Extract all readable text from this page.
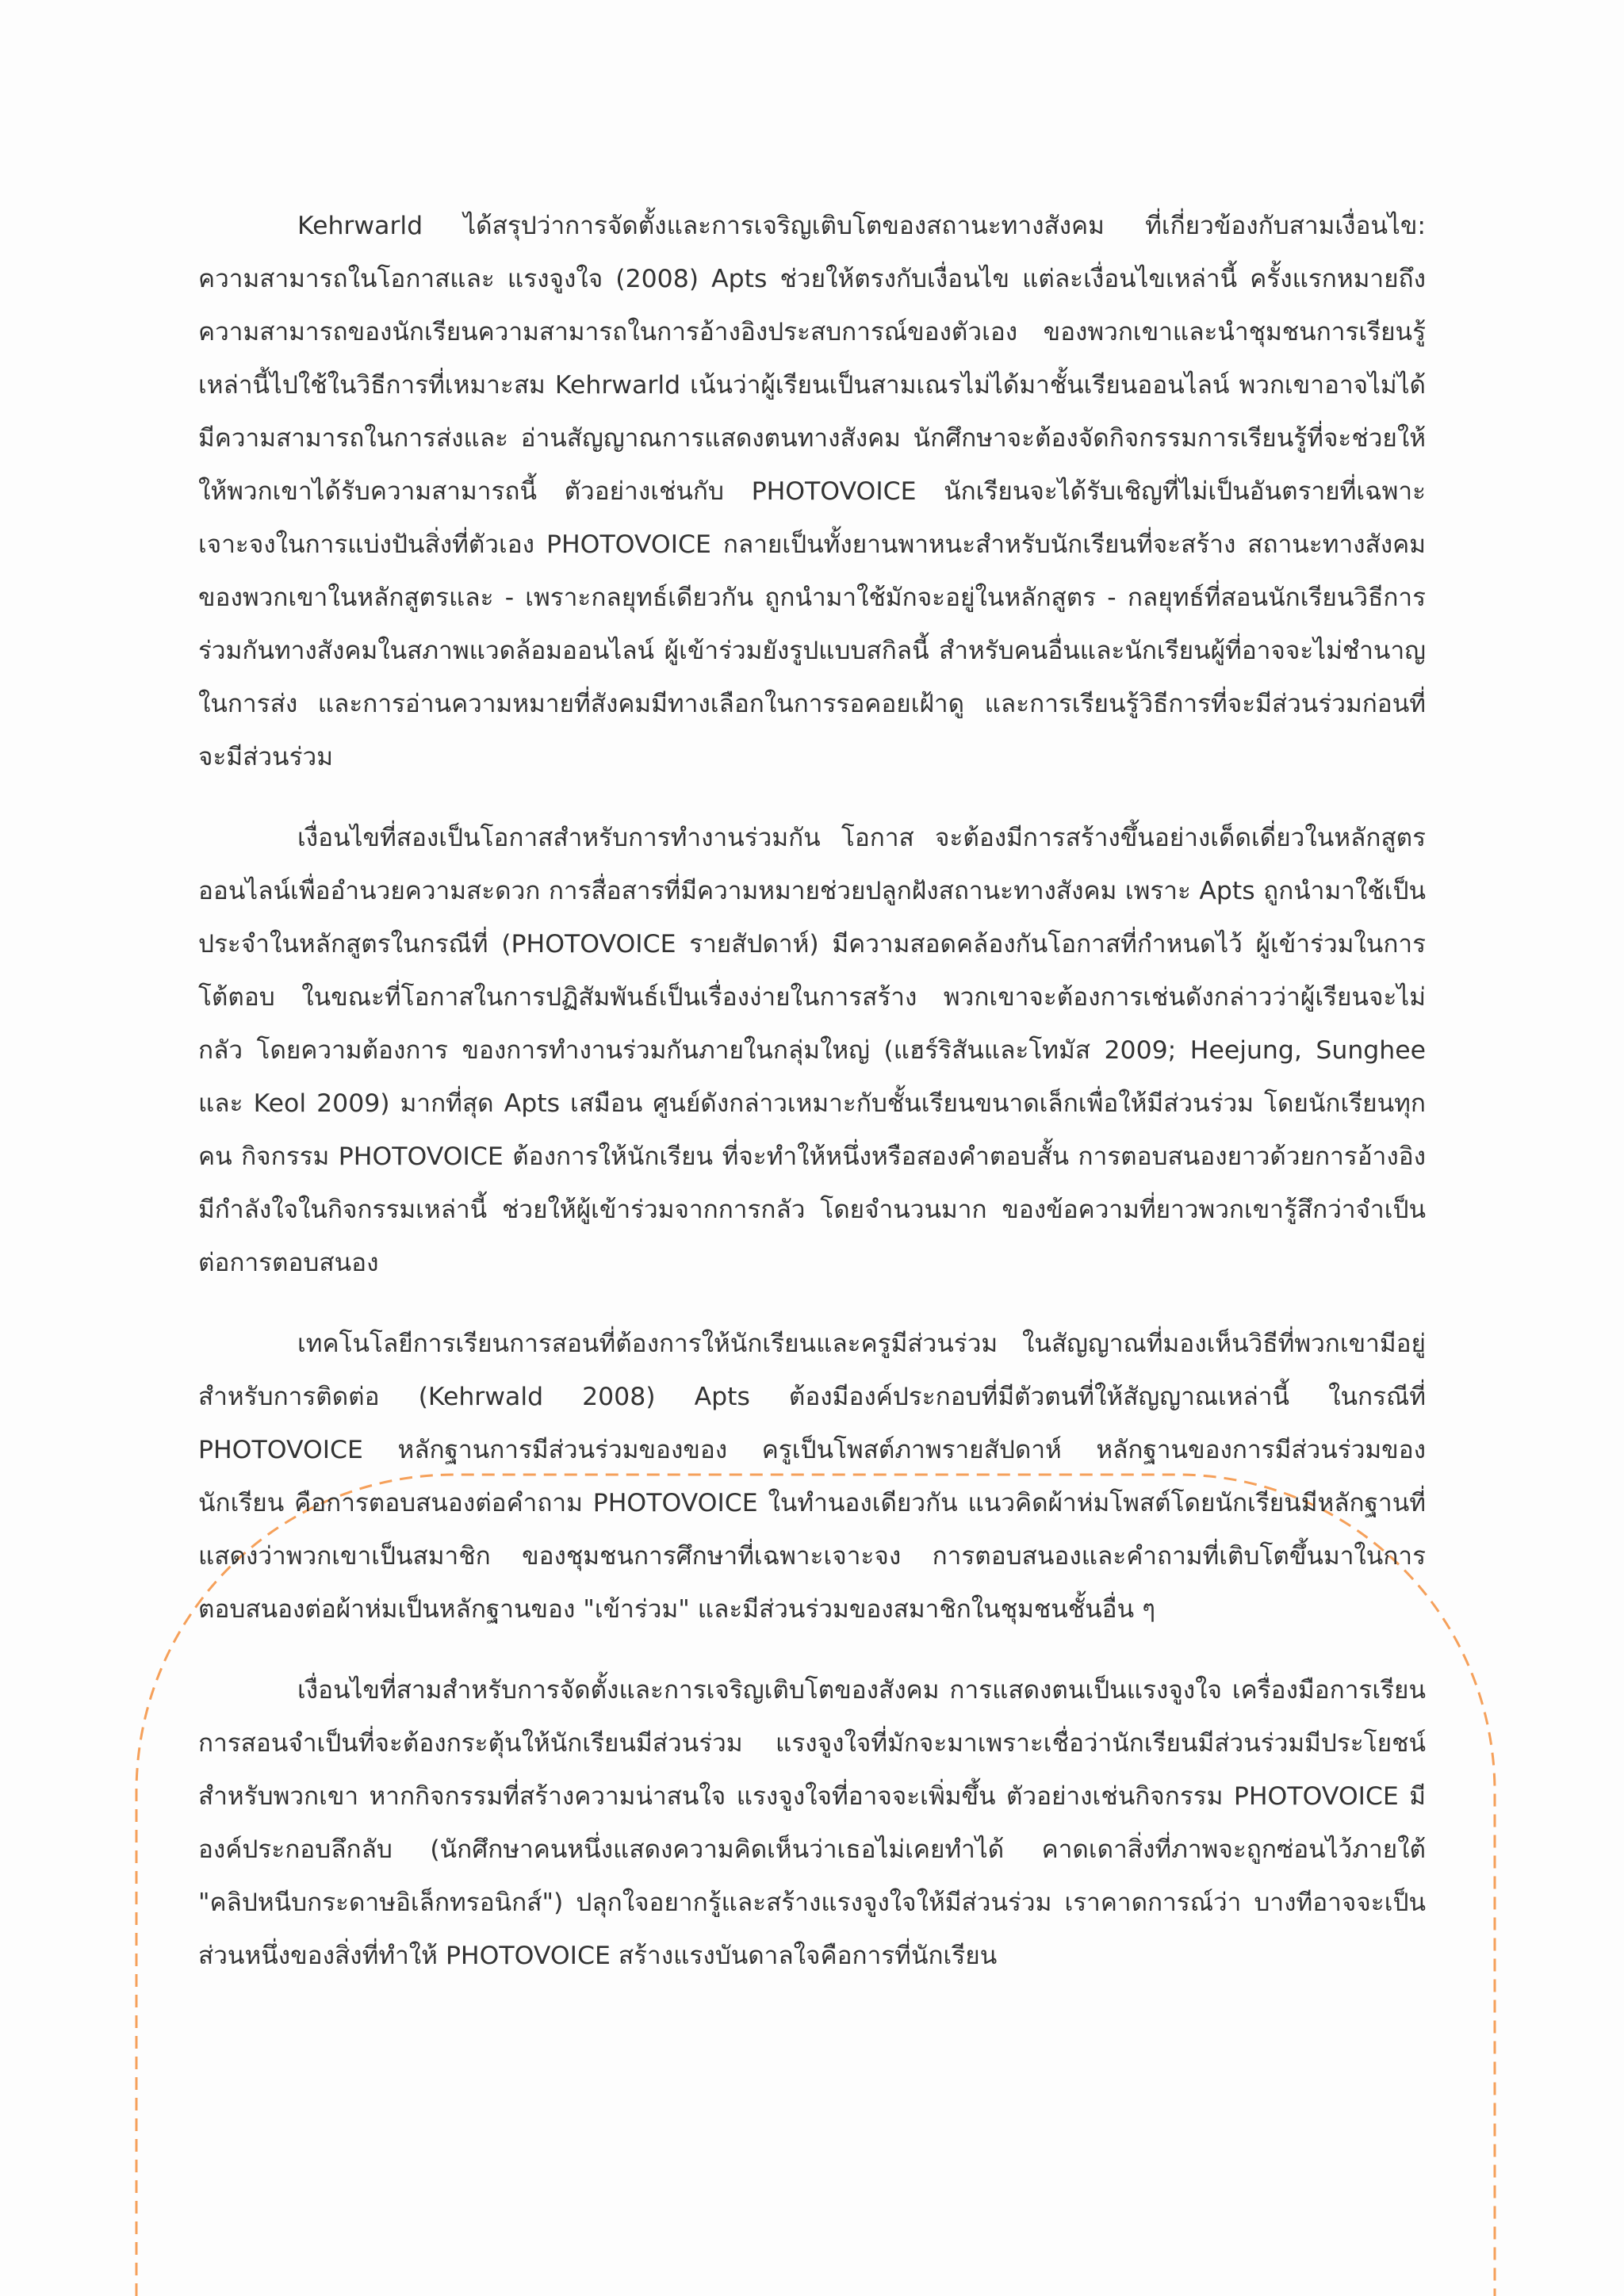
Kehrwarld ได้สรุปว่าการจัดตั้งและการเจริญเติบโตของสถานะทางสังคม ที่เกี่ยวข้องกับสามเงื่อนไข: ความสามารถในโอกาสและ แรงจูงใจ (2008) Apts ช่วยให้ตรงกับเงื่อนไข แต่ละเงื่อนไขเหล่านี้ ครั้งแรกหมายถึงความสามารถของนักเรียนความสามารถในการอ้างอิงประสบการณ์ของตัวเอง ของพวกเขาและนำชุมชนการเรียนรู้เหล่านี้ไปใช้ในวิธีการที่เหมาะสม Kehrwarld เน้นว่าผู้เรียนเป็นสามเณรไม่ได้มาชั้นเรียนออนไลน์ พวกเขาอาจไม่ได้มีความสามารถในการส่งและ อ่านสัญญาณการแสดงตนทางสังคม นักศึกษาจะต้องจัดกิจกรรมการเรียนรู้ที่จะช่วยให้ ให้พวกเขาได้รับความสามารถนี้ ตัวอย่างเช่นกับ PHOTOVOICE นักเรียนจะได้รับเชิญที่ไม่เป็นอันตรายที่เฉพาะเจาะจงในการแบ่งปันสิ่งที่ตัวเอง PHOTOVOICE กลายเป็นทั้งยานพาหนะสำหรับนักเรียนที่จะสร้าง สถานะทางสังคมของพวกเขาในหลักสูตรและ - เพราะกลยุทธ์เดียวกัน ถูกนำมาใช้มักจะอยู่ในหลักสูตร - กลยุทธ์ที่สอนนักเรียนวิธีการ ร่วมกันทางสังคมในสภาพแวดล้อมออนไลน์ ผู้เข้าร่วมยังรูปแบบสกิลนี้ สำหรับคนอื่นและนักเรียนผู้ที่อาจจะไม่ชำนาญในการส่ง และการอ่านความหมายที่สังคมมีทางเลือกในการรอคอยเฝ้าดู และการเรียนรู้วิธีการที่จะมีส่วนร่วมก่อนที่จะมีส่วนร่วม

เงื่อนไขที่สองเป็นโอกาสสำหรับการทำงานร่วมกัน โอกาส จะต้องมีการสร้างขึ้นอย่างเด็ดเดี่ยวในหลักสูตรออนไลน์เพื่ออำนวยความสะดวก การสื่อสารที่มีความหมายช่วยปลูกฝังสถานะทางสังคม เพราะ Apts ถูกนำมาใช้เป็นประจำในหลักสูตรในกรณีที่ (PHOTOVOICE รายสัปดาห์) มีความสอดคล้องกันโอกาสที่กำหนดไว้ ผู้เข้าร่วมในการโต้ตอบ ในขณะที่โอกาสในการปฏิสัมพันธ์เป็นเรื่องง่ายในการสร้าง พวกเขาจะต้องการเช่นดังกล่าวว่าผู้เรียนจะไม่กลัว โดยความต้องการ ของการทำงานร่วมกันภายในกลุ่มใหญ่ (แฮร์ริสันและโทมัส 2009; Heejung, Sunghee และ Keol 2009) มากที่สุด Apts เสมือน ศูนย์ดังกล่าวเหมาะกับชั้นเรียนขนาดเล็กเพื่อให้มีส่วนร่วม โดยนักเรียนทุกคน กิจกรรม PHOTOVOICE ต้องการให้นักเรียน ที่จะทำให้หนึ่งหรือสองคำตอบสั้น การตอบสนองยาวด้วยการอ้างอิง มีกำลังใจในกิจกรรมเหล่านี้ ช่วยให้ผู้เข้าร่วมจากการกลัว โดยจำนวนมาก ของข้อความที่ยาวพวกเขารู้สึกว่าจำเป็นต่อการตอบสนอง

เทคโนโลยีการเรียนการสอนที่ต้องการให้นักเรียนและครูมีส่วนร่วม ในสัญญาณที่มองเห็นวิธีที่พวกเขามีอยู่สำหรับการติดต่อ (Kehrwald 2008) Apts ต้องมีองค์ประกอบที่มีตัวตนที่ให้สัญญาณเหล่านี้ ในกรณีที่ PHOTOVOICE หลักฐานการมีส่วนร่วมของของ ครูเป็นโพสต์ภาพรายสัปดาห์ หลักฐานของการมีส่วนร่วมของนักเรียน คือการตอบสนองต่อคำถาม PHOTOVOICE ในทำนองเดียวกัน แนวคิดผ้าห่มโพสต์โดยนักเรียนมีหลักฐานที่แสดงว่าพวกเขาเป็นสมาชิก ของชุมชนการศึกษาที่เฉพาะเจาะจง การตอบสนองและคำถามที่เติบโตขึ้นมาในการตอบสนองต่อผ้าห่มเป็นหลักฐานของ "เข้าร่วม" และมีส่วนร่วมของสมาชิกในชุมชนชั้นอื่น ๆ

เงื่อนไขที่สามสำหรับการจัดตั้งและการเจริญเติบโตของสังคม การแสดงตนเป็นแรงจูงใจ เครื่องมือการเรียนการสอนจำเป็นที่จะต้องกระตุ้นให้นักเรียนมีส่วนร่วม แรงจูงใจที่มักจะมาเพราะเชื่อว่านักเรียนมีส่วนร่วมมีประโยชน์สำหรับพวกเขา หากกิจกรรมที่สร้างความน่าสนใจ แรงจูงใจที่อาจจะเพิ่มขึ้น ตัวอย่างเช่นกิจกรรม PHOTOVOICE มีองค์ประกอบลึกลับ (นักศึกษาคนหนึ่งแสดงความคิดเห็นว่าเธอไม่เคยทำได้ คาดเดาสิ่งที่ภาพจะถูกซ่อนไว้ภายใต้ "คลิปหนีบกระดาษอิเล็กทรอนิกส์") ปลุกใจอยากรู้และสร้างแรงจูงใจให้มีส่วนร่วม เราคาดการณ์ว่า บางทีอาจจะเป็นส่วนหนึ่งของสิ่งที่ทำให้ PHOTOVOICE สร้างแรงบันดาลใจคือการที่นักเรียน
